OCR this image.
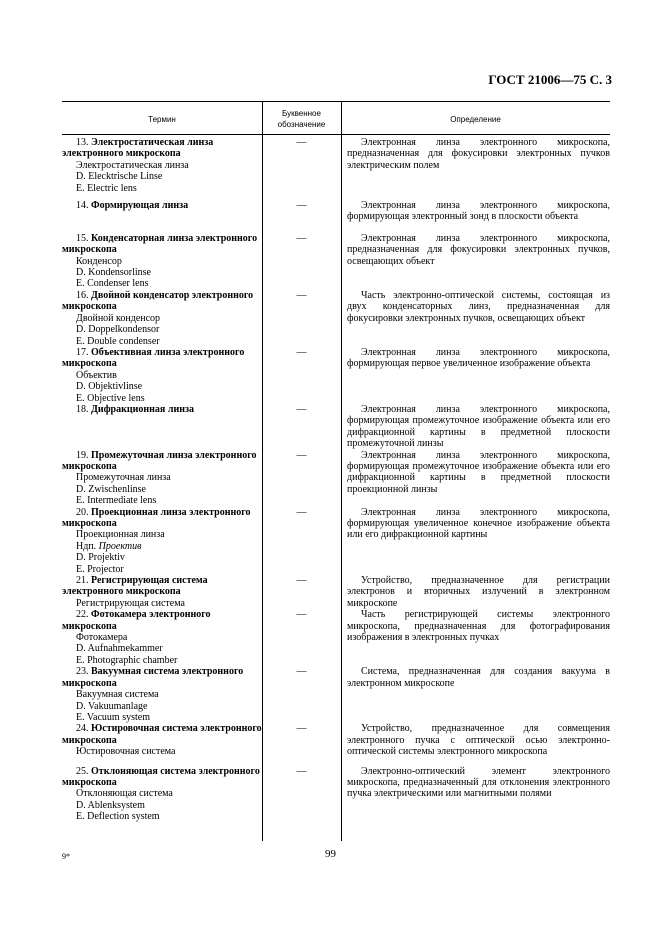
ГОСТ 21006—75 С. 3
Термин
Буквенное обозначение
Определение
13. Электростатическая линза электронного микроскопа
Электростатическая линза
D. Elecktrische Linse
E. Electric lens
—	Электронная линза электронного микроскопа, предназначенная для фокусировки электронных пучков электрическим полем
14. Формирующая линза	—	Электронная линза электронного микроскопа, формирующая электронный зонд в плоскости объекта
15. Конденсаторная линза электронного микроскопа
Конденсор
D. Kondensorlinse
E. Condenser lens
—	Электронная линза электронного микроскопа, предназначенная для фокусировки электронных пучков, освещающих объект
16. Двойной конденсатор электронного микроскопа
Двойной конденсор
D. Doppelkondensor
E. Double condenser
—	Часть электронно-оптической системы, состоящая из двух конденсаторных линз, предназначенная для фокусировки электронных пучков, освещающих объект
17. Объективная линза электронного микроскопа
Объектив
D. Objektivlinse
E. Objective lens
—	Электронная линза электронного микроскопа, формирующая первое увеличенное изображение объекта
18. Дифракционная линза	—	Электронная линза электронного микроскопа, формирующая промежуточное изображение объекта или его дифракционной картины в предметной плоскости промежуточной линзы
19. Промежуточная линза электронного микроскопа
Промежуточная линза
D. Zwischenlinse
E. Intermediate lens
—	Электронная линза электронного микроскопа, формирующая промежуточное изображение объекта или его дифракционной картины в предметной плоскости проекционной линзы
20. Проекционная линза электронного микроскопа
Проекционная линза
Ндп. Проектив
D. Projektiv
E. Projector
—	Электронная линза электронного микроскопа, формирующая увеличенное конечное изображение объекта или его дифракционной картины
21. Регистрирующая система электронного микроскопа
Регистрирующая система
—	Устройство, предназначенное для регистрации электронов и вторичных излучений в электронном микроскопе
22. Фотокамера электронного микроскопа
Фотокамера
D. Aufnahmekammer
E. Photographic chamber
—	Часть регистрирующей системы электронного микроскопа, предназначенная для фотографирования изображения в электронных пучках
23. Вакуумная система электронного микроскопа
Вакуумная система
D. Vakuumanlage
E. Vacuum system
—	Система, предназначенная для создания вакуума в электронном микроскопе
24. Юстировочная система электронного микроскопа
Юстировочная система
—	Устройство, предназначенное для совмещения электронного пучка с оптической осью электронно-оптической системы электронного микроскопа
25. Отклоняющая система электронного микроскопа
Отклоняющая система
D. Ablenksystem
E. Deflection system
—	Электронно-оптический элемент электронного микроскопа, предназначенный для отклонения электронного пучка электрическими или магнитными полями
9*	99
